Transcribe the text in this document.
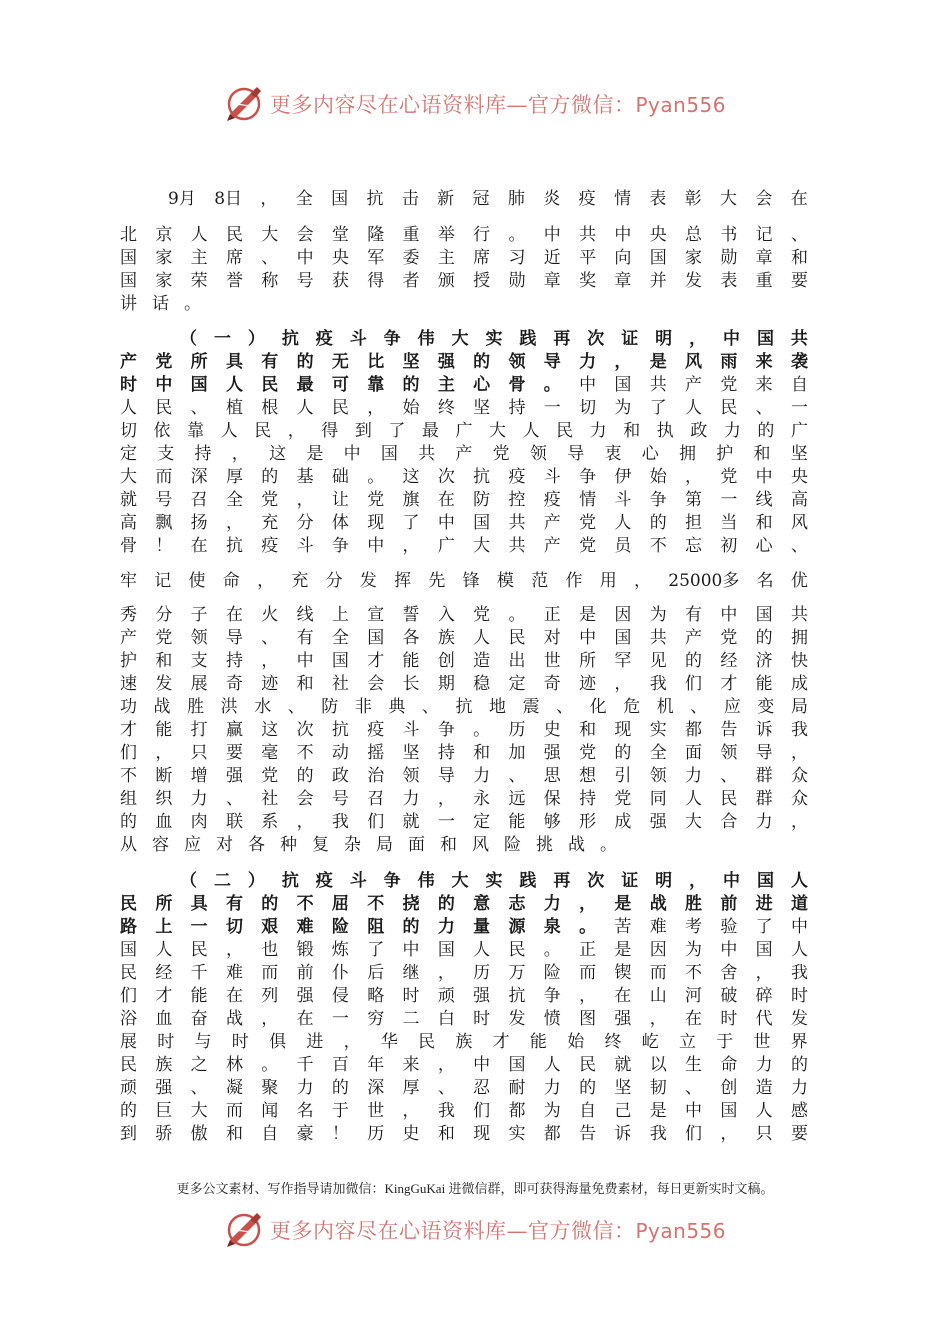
更多内容尽在心语资料库—官方微信：Pyan556
9月 8日 ， 全 国 抗 击 新 冠 肺 炎 疫 情 表 彰 大 会 在
北 京 人 民 大 会 堂 隆 重 举 行 。 中 共 中 央 总 书 记 、
国 家 主 席 、 中 央 军 委 主 席 习 近 平 向 国 家 勋 章 和
国 家 荣 誉 称 号 获 得 者 颁 授 勋 章 奖 章 并 发 表 重 要
讲 话 。
（ 一 ） 抗 疫 斗 争 伟 大 实 践 再 次 证 明 ， 中 国 共
产 党 所 具 有 的 无 比 坚 强 的 领 导 力 ， 是 风 雨 来 袭
时 中 国 人 民 最 可 靠 的 主 心 骨 。 中 国 共 产 党 来 自
人 民 、 植 根 人 民 ， 始 终 坚 持 一 切 为 了 人 民 、 一
切 依 靠 人 民 ， 得 到 了 最 广 大 人 民 力 和 执 政 力 的 广
定 支 持 ， 这 是 中 国 共 产 党 领 导 衷 心 拥 护 和 坚
大 而 深 厚 的 基 础 。 这 次 抗 疫 斗 争 伊 始 ， 党 中 央
就 号 召 全 党 ， 让 党 旗 在 防 控 疫 情 斗 争 第 一 线 高
高 飘 扬 ， 充 分 体 现 了 中 国 共 产 党 人 的 担 当 和 风
骨 ！ 在 抗 疫 斗 争 中 ， 广 大 共 产 党 员 不 忘 初 心 、
牢 记 使 命 ， 充 分 发 挥 先 锋 模 范 作 用 ， 25000多 名 优
秀 分 子 在 火 线 上 宣 誓 入 党 。 正 是 因 为 有 中 国 共
产 党 领 导 、 有 全 国 各 族 人 民 对 中 国 共 产 党 的 拥
护 和 支 持 ， 中 国 才 能 创 造 出 世 所 罕 见 的 经 济 快
速 发 展 奇 迹 和 社 会 长 期 稳 定 奇 迹 ， 我 们 才 能 成
功 战 胜 洪 水 、 防 非 典 、 抗 地 震 、 化 危 机 、 应 变 局
才 能 打 赢 这 次 抗 疫 斗 争 。 历 史 和 现 实 都 告 诉 我
们 ， 只 要 毫 不 动 摇 坚 持 和 加 强 党 的 全 面 领 导 ，
不 断 增 强 党 的 政 治 领 导 力 、 思 想 引 领 力 、 群 众
组 织 力 、 社 会 号 召 力 ， 永 远 保 持 党 同 人 民 群 众
的 血 肉 联 系 ， 我 们 就 一 定 能 够 形 成 强 大 合 力 ，
从 容 应 对 各 种 复 杂 局 面 和 风 险 挑 战 。
（ 二 ） 抗 疫 斗 争 伟 大 实 践 再 次 证 明 ， 中 国 人
民 所 具 有 的 不 屈 不 挠 的 意 志 力 ， 是 战 胜 前 进 道
路 上 一 切 艰 难 险 阻 的 力 量 源 泉 。 苦 难 考 验 了 中
国 人 民 ， 也 锻 炼 了 中 国 人 民 。 正 是 因 为 中 国 人
民 经 千 难 而 前 仆 后 继 ， 历 万 险 而 锲 而 不 舍 ， 我
们 才 能 在 列 强 侵 略 时 顽 强 抗 争 ， 在 山 河 破 碎 时
浴 血 奋 战 ， 在 一 穷 二 白 时 发 愤 图 强 ， 在 时 代 发
展 时 与 时 俱 进 ， 华 民 族 才 能 始 终 屹 立 于 世 界
民 族 之 林 。 千 百 年 来 ， 中 国 人 民 就 以 生 命 力 的
顽 强 、 凝 聚 力 的 深 厚 、 忍 耐 力 的 坚 韧 、 创 造 力
的 巨 大 而 闻 名 于 世 ， 我 们 都 为 自 己 是 中 国 人 感
到 骄 傲 和 自 豪 ！ 历 史 和 现 实 都 告 诉 我 们 ， 只 要
更多公文素材、写作指导请加微信：KingGuKai 进微信群，即可获得海量免费素材，每日更新实时文稿。
更多内容尽在心语资料库—官方微信：Pyan556
